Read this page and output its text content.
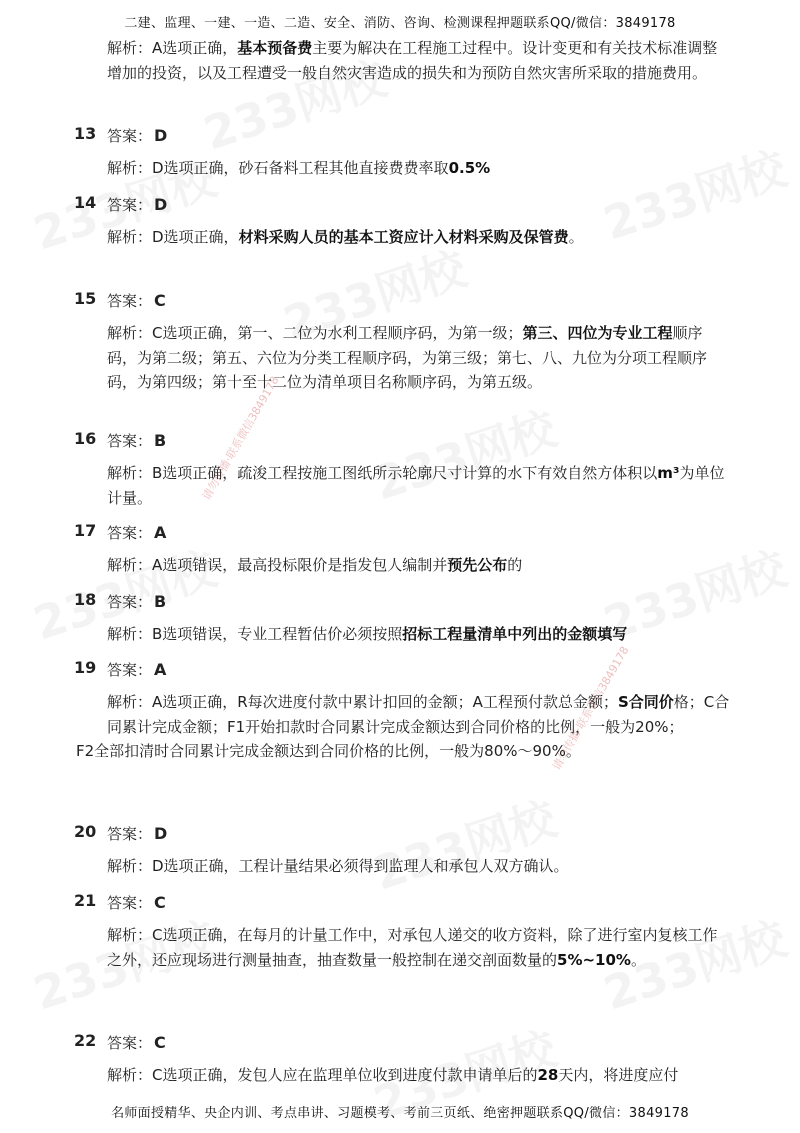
二建、监理、一建、一造、二造、安全、消防、咨询、检测课程押题联系QQ/微信：3849178
请勿传播·联系微信3849178
请勿传播·联系微信3849178
解析：A选项正确，基本预备费主要为解决在工程施工过程中。设计变更和有关技术标准调整增加的投资，以及工程遭受一般自然灾害造成的损失和为预防自然灾害所采取的措施费用。
13 答案： D
解析：D选项正确，砂石备料工程其他直接费费率取0.5%
14 答案： D
解析：D选项正确，材料采购人员的基本工资应计入材料采购及保管费。
15 答案： C
解析：C选项正确，第一、二位为水利工程顺序码，为第一级；第三、四位为专业工程顺序码，为第二级；第五、六位为分类工程顺序码，为第三级；第七、八、九位为分项工程顺序码，为第四级；第十至十二位为清单项目名称顺序码，为第五级。
16 答案： B
解析：B选项正确，疏浚工程按施工图纸所示轮廓尺寸计算的水下有效自然方体积以m³为单位计量。
17 答案： A
解析：A选项错误，最高投标限价是指发包人编制并预先公布的
18 答案： B
解析：B选项错误，专业工程暂估价必须按照招标工程量清单中列出的金额填写
19 答案： A
解析：A选项正确，R每次进度付款中累计扣回的金额；A工程预付款总金额；S合同价格；C合同累计完成金额；F1开始扣款时合同累计完成金额达到合同价格的比例，一般为20%；
F2全部扣清时合同累计完成金额达到合同价格的比例，一般为80%～90%。
20 答案： D
解析：D选项正确，工程计量结果必须得到监理人和承包人双方确认。
21 答案： C
解析：C选项正确，在每月的计量工作中，对承包人递交的收方资料，除了进行室内复核工作之外，还应现场进行测量抽查，抽查数量一般控制在递交剖面数量的5%~10%。
22 答案： C
解析：C选项正确，发包人应在监理单位收到进度付款申请单后的28天内，将进度应付
名师面授精华、央企内训、考点串讲、习题模考、考前三页纸、绝密押题联系QQ/微信：3849178
